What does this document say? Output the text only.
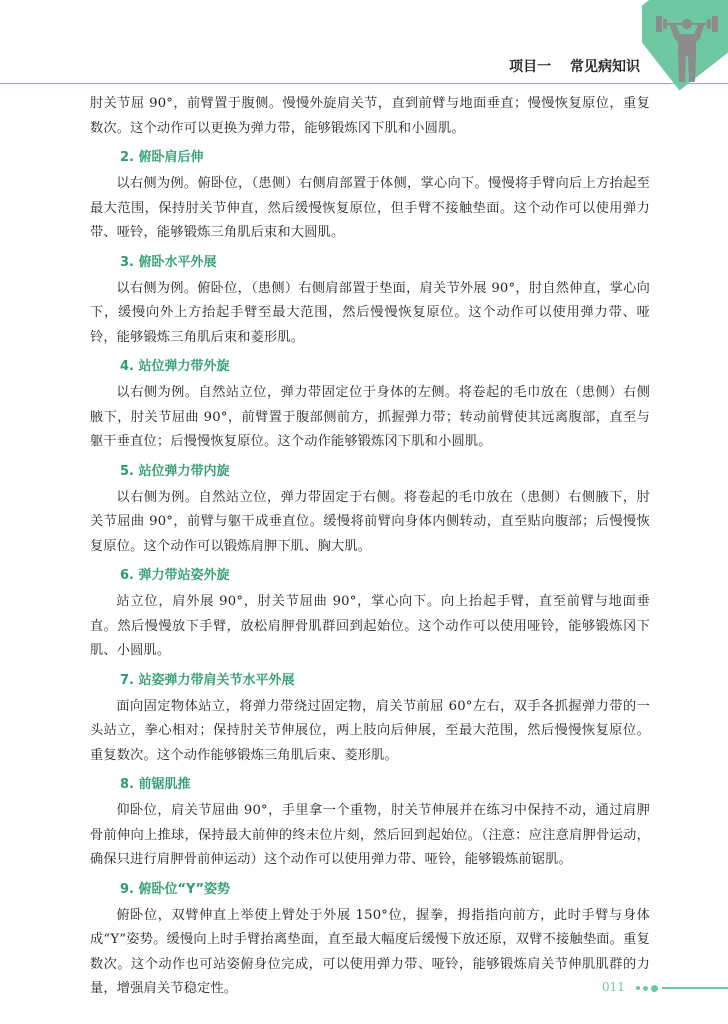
项目一 常见病知识

肘关节屈 90°，前臂置于腹侧。慢慢外旋肩关节，直到前臂与地面垂直；慢慢恢复原位，重复数次。这个动作可以更换为弹力带，能够锻炼冈下肌和小圆肌。

2. 俯卧肩后伸

以右侧为例。俯卧位，（患侧）右侧肩部置于体侧，掌心向下。慢慢将手臂向后上方抬起至最大范围，保持肘关节伸直，然后缓慢恢复原位，但手臂不接触垫面。这个动作可以使用弹力带、哑铃，能够锻炼三角肌后束和大圆肌。

3. 俯卧水平外展

以右侧为例。俯卧位，（患侧）右侧肩部置于垫面，肩关节外展 90°，肘自然伸直，掌心向下，缓慢向外上方抬起手臂至最大范围，然后慢慢恢复原位。这个动作可以使用弹力带、哑铃，能够锻炼三角肌后束和菱形肌。

4. 站位弹力带外旋

以右侧为例。自然站立位，弹力带固定位于身体的左侧。将卷起的毛巾放在（患侧）右侧腋下，肘关节屈曲 90°，前臂置于腹部侧前方，抓握弹力带；转动前臂使其远离腹部，直至与躯干垂直位；后慢慢恢复原位。这个动作能够锻炼冈下肌和小圆肌。

5. 站位弹力带内旋

以右侧为例。自然站立位，弹力带固定于右侧。将卷起的毛巾放在（患侧）右侧腋下，肘关节屈曲 90°，前臂与躯干成垂直位。缓慢将前臂向身体内侧转动，直至贴向腹部；后慢慢恢复原位。这个动作可以锻炼肩胛下肌、胸大肌。

6. 弹力带站姿外旋

站立位，肩外展 90°，肘关节屈曲 90°，掌心向下。向上抬起手臂，直至前臂与地面垂直。然后慢慢放下手臂，放松肩胛骨肌群回到起始位。这个动作可以使用哑铃，能够锻炼冈下肌、小圆肌。

7. 站姿弹力带肩关节水平外展

面向固定物体站立，将弹力带绕过固定物，肩关节前屈 60°左右，双手各抓握弹力带的一头站立，拳心相对；保持肘关节伸展位，两上肢向后伸展，至最大范围，然后慢慢恢复原位。重复数次。这个动作能够锻炼三角肌后束、菱形肌。

8. 前锯肌推

仰卧位，肩关节屈曲 90°，手里拿一个重物，肘关节伸展并在练习中保持不动，通过肩胛骨前伸向上推球，保持最大前伸的终末位片刻，然后回到起始位。（注意：应注意肩胛骨运动，确保只进行肩胛骨前伸运动）这个动作可以使用弹力带、哑铃，能够锻炼前锯肌。

9. 俯卧位“Y”姿势

俯卧位，双臂伸直上举使上臂处于外展 150°位，握拳，拇指指向前方，此时手臂与身体成“Y”姿势。缓慢向上时手臂抬离垫面，直至最大幅度后缓慢下放还原，双臂不接触垫面。重复数次。这个动作也可站姿俯身位完成，可以使用弹力带、哑铃，能够锻炼肩关节伸肌肌群的力量，增强肩关节稳定性。	011
